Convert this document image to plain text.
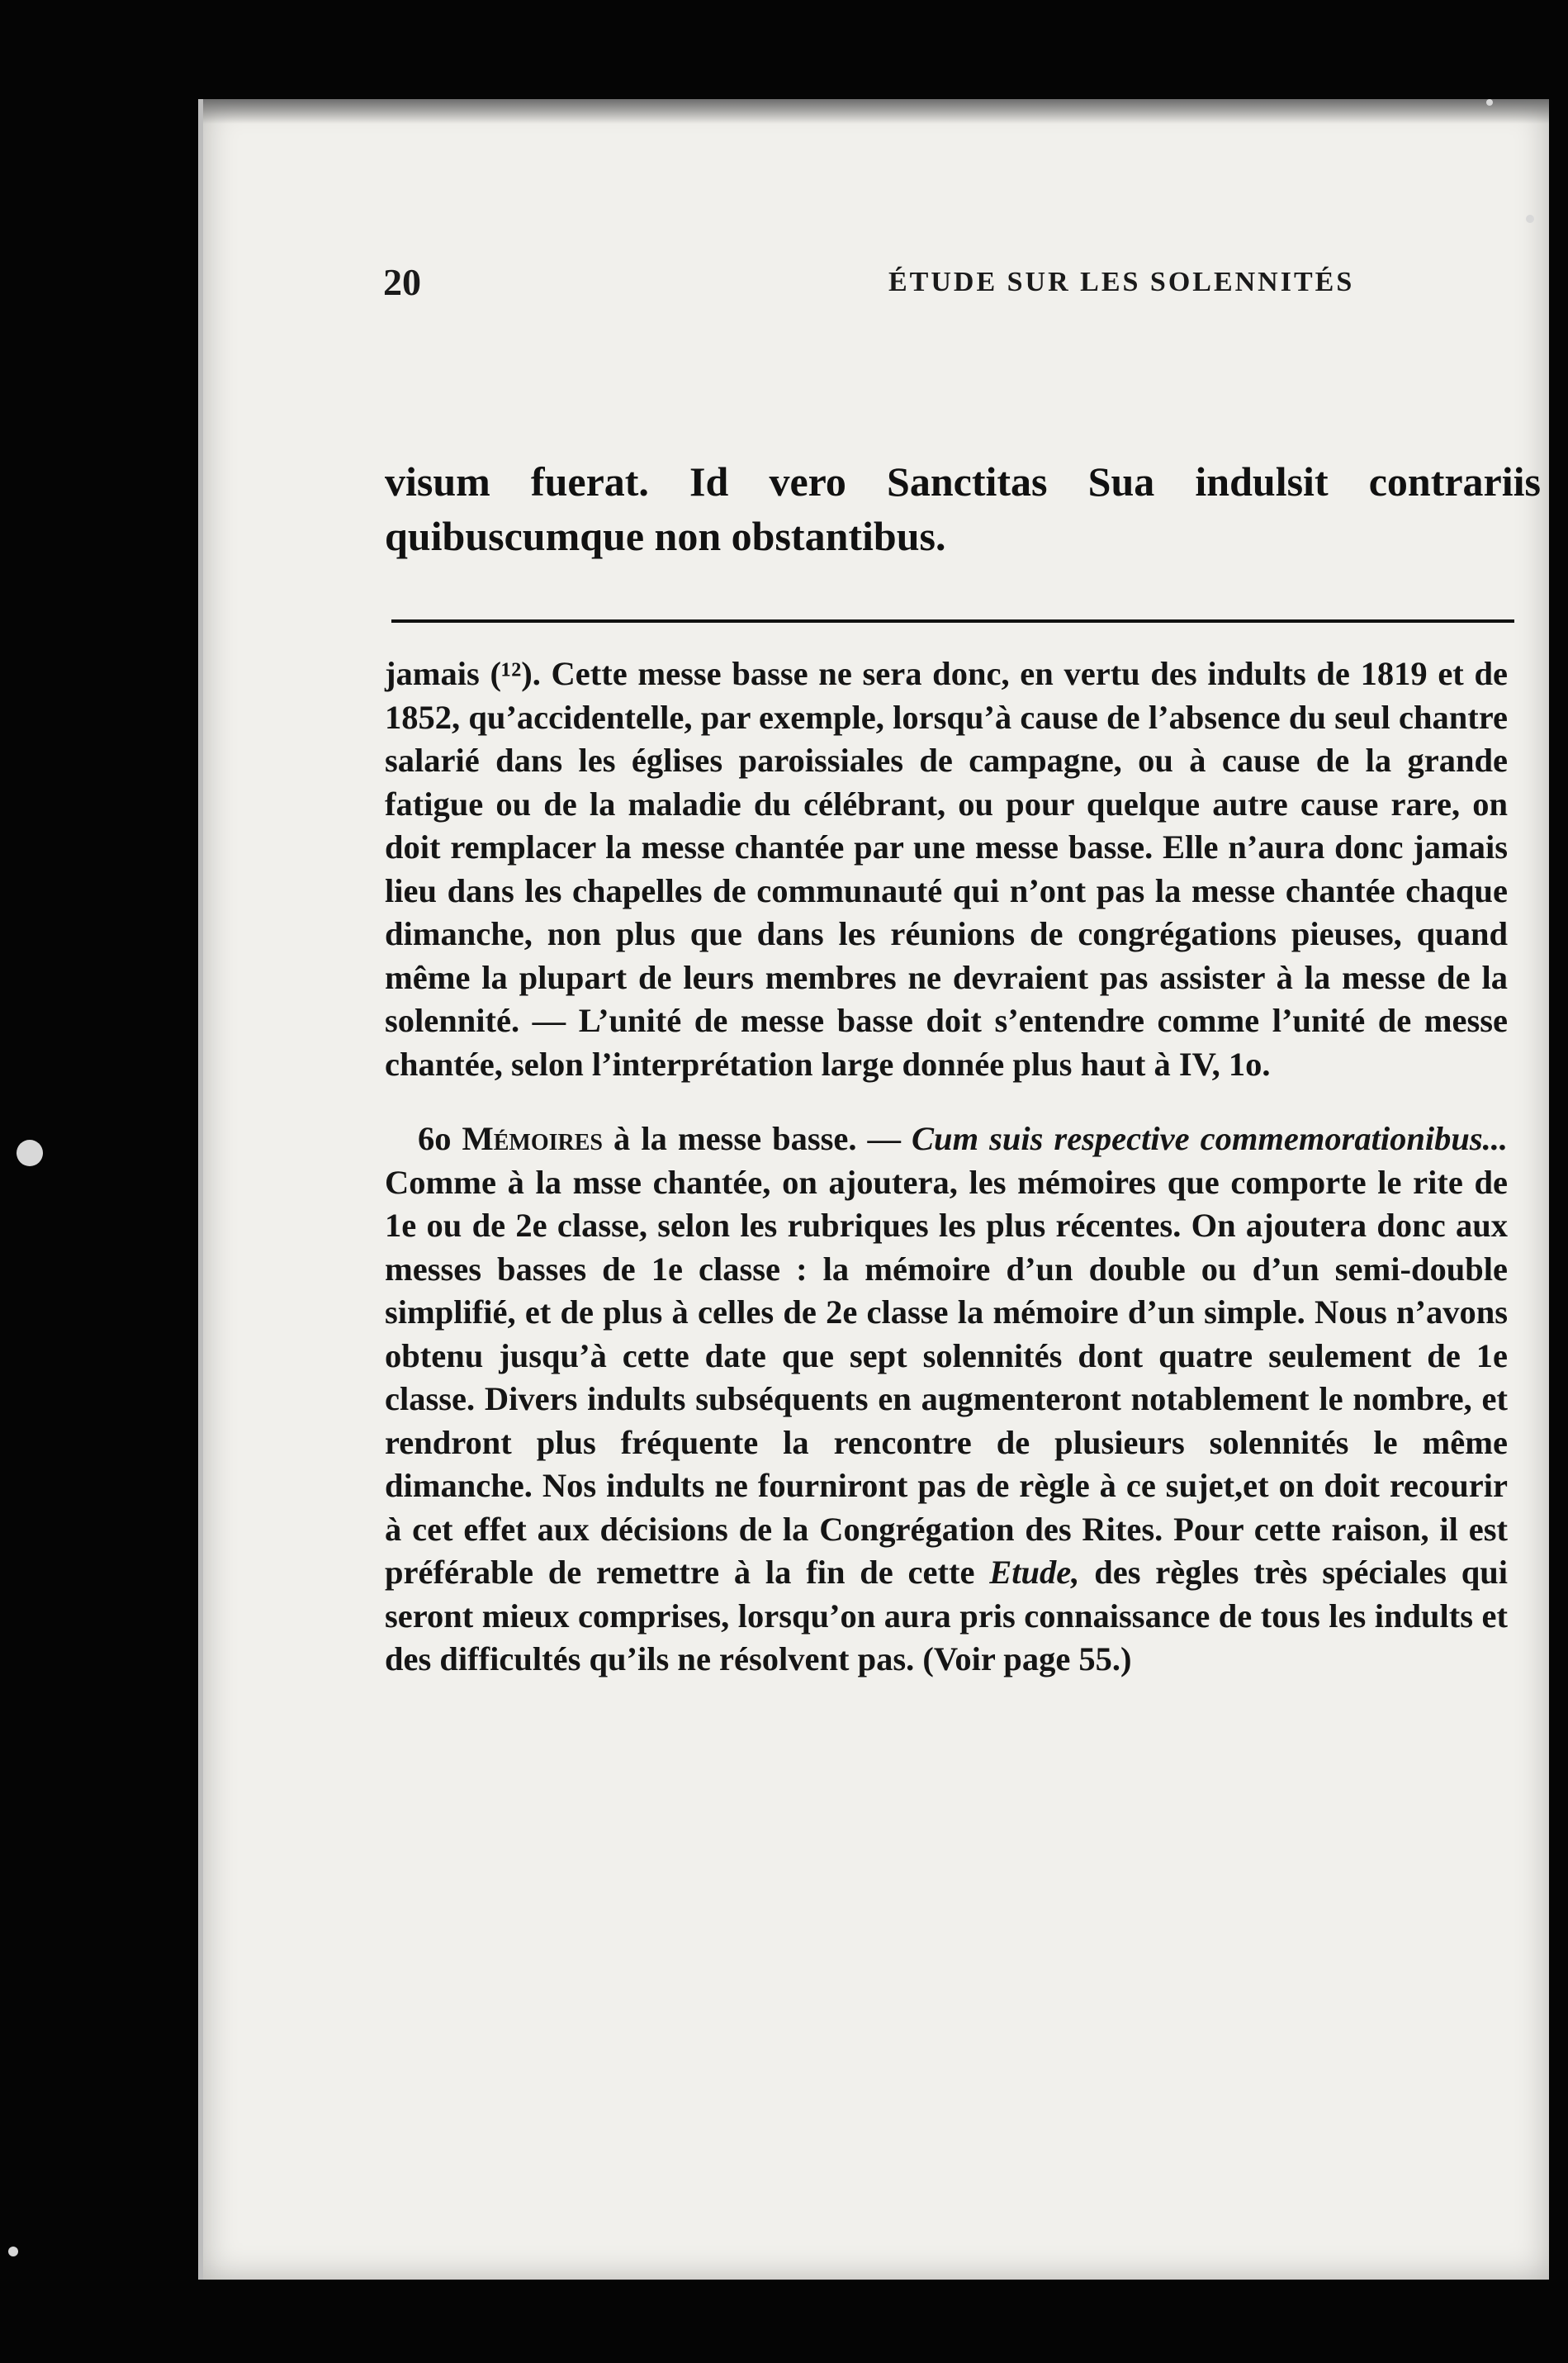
20	ÉTUDE SUR LES SOLENNITÉS
visum fuerat. Id vero Sanctitas Sua indulsit contrariis quibuscumque non obstantibus.

jamais (¹²). Cette messe basse ne sera donc, en vertu des indults de 1819 et de 1852, qu’accidentelle, par exemple, lorsqu’à cause de l’absence du seul chantre salarié dans les églises paroissiales de campagne, ou à cause de la grande fatigue ou de la maladie du célébrant, ou pour quelque autre cause rare, on doit remplacer la messe chantée par une messe basse. Elle n’aura donc jamais lieu dans les chapelles de communauté qui n’ont pas la messe chantée chaque dimanche, non plus que dans les réunions de congrégations pieuses, quand même la plupart de leurs membres ne devraient pas assister à la messe de la solennité. — L’unité de messe basse doit s’entendre comme l’unité de messe chantée, selon l’interprétation large donnée plus haut à IV, 1o.

6o Mémoires à la messe basse. — Cum suis respective commemorationibus... Comme à la msse chantée, on ajoutera, les mémoires que comporte le rite de 1e ou de 2e classe, selon les rubriques les plus récentes. On ajoutera donc aux messes basses de 1e classe : la mémoire d’un double ou d’un semi-double simplifié, et de plus à celles de 2e classe la mémoire d’un simple. Nous n’avons obtenu jusqu’à cette date que sept solennités dont quatre seulement de 1e classe. Divers indults subséquents en augmenteront notablement le nombre, et rendront plus fréquente la rencontre de plusieurs solennités le même dimanche. Nos indults ne fourniront pas de règle à ce sujet,et on doit recourir à cet effet aux décisions de la Congrégation des Rites. Pour cette raison, il est préférable de remettre à la fin de cette Etude, des règles très spéciales qui seront mieux comprises, lorsqu’on aura pris connaissance de tous les indults et des difficultés qu’ils ne résolvent pas. (Voir page 55.)
